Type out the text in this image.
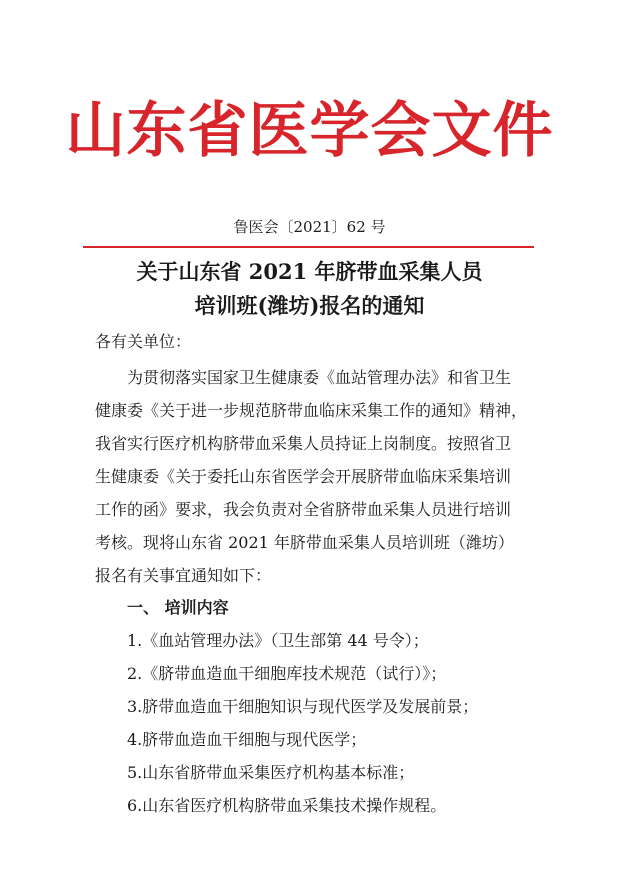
山东省医学会文件
鲁医会〔2021〕62 号
关于山东省 2021 年脐带血采集人员
培训班(潍坊)报名的通知
各有关单位：
为贯彻落实国家卫生健康委《血站管理办法》和省卫生
健康委《关于进一步规范脐带血临床采集工作的通知》精神，
我省实行医疗机构脐带血采集人员持证上岗制度。按照省卫
生健康委《关于委托山东省医学会开展脐带血临床采集培训
工作的函》要求，我会负责对全省脐带血采集人员进行培训
考核。现将山东省 2021 年脐带血采集人员培训班（潍坊）
报名有关事宜通知如下：
一、 培训内容
1.《血站管理办法》（卫生部第 44 号令）；
2.《脐带血造血干细胞库技术规范（试行）》；
3.脐带血造血干细胞知识与现代医学及发展前景；
4.脐带血造血干细胞与现代医学；
5.山东省脐带血采集医疗机构基本标准；
6.山东省医疗机构脐带血采集技术操作规程。
